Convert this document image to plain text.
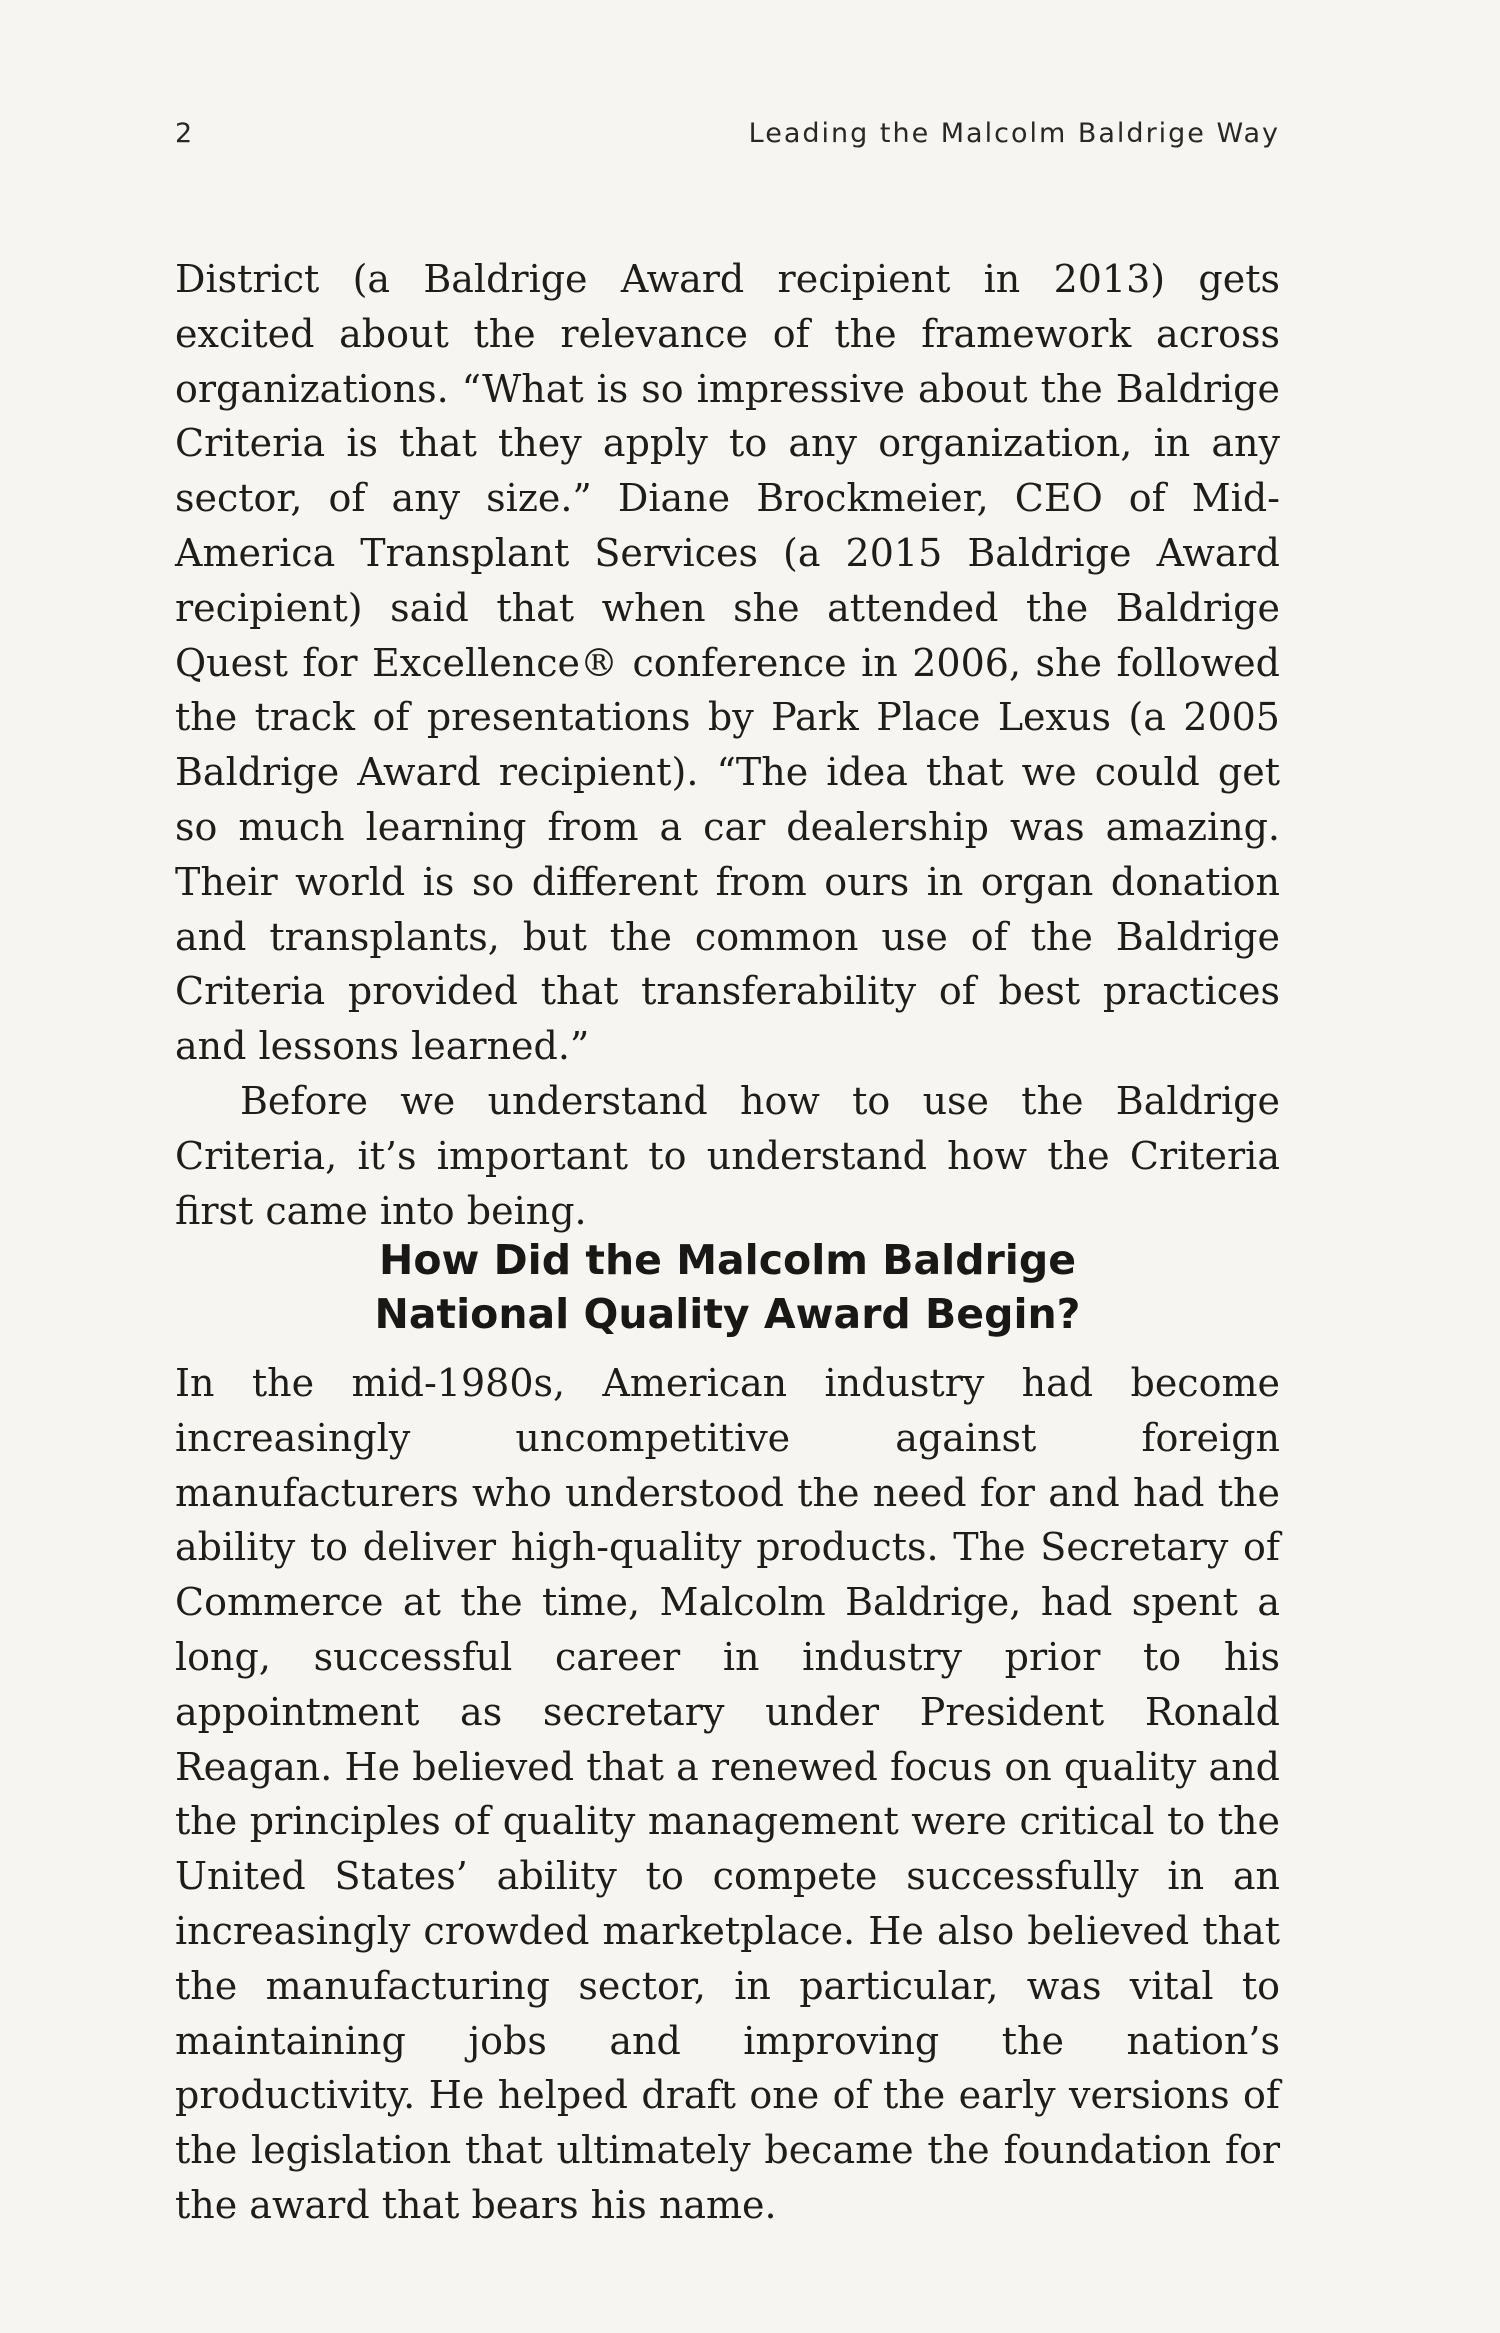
2	Leading the Malcolm Baldrige Way

District (a Baldrige Award recipient in 2013) gets excited about the relevance of the framework across organizations. “What is so impressive about the Baldrige Criteria is that they apply to any organization, in any sector, of any size.” Diane Brockmeier, CEO of Mid-America Transplant Services (a 2015 Baldrige Award recipient) said that when she attended the Baldrige Quest for Excellence® conference in 2006, she followed the track of presentations by Park Place Lexus (a 2005 Baldrige Award recipient). “The idea that we could get so much learning from a car dealership was amazing. Their world is so different from ours in organ donation and transplants, but the common use of the Baldrige Criteria provided that transferability of best practices and lessons learned.”

Before we understand how to use the Baldrige Criteria, it’s important to understand how the Criteria first came into being.

How Did the Malcolm Baldrige
National Quality Award Begin?

In the mid-1980s, American industry had become increasingly uncompetitive against foreign manufacturers who understood the need for and had the ability to deliver high-quality products. The Secretary of Commerce at the time, Malcolm Baldrige, had spent a long, successful career in industry prior to his appointment as secretary under President Ronald Reagan. He believed that a renewed focus on quality and the principles of quality management were critical to the United States’ ability to compete successfully in an increasingly crowded marketplace. He also believed that the manufacturing sector, in particular, was vital to maintaining jobs and improving the nation’s productivity. He helped draft one of the early versions of the legislation that ultimately became the foundation for the award that bears his name.
